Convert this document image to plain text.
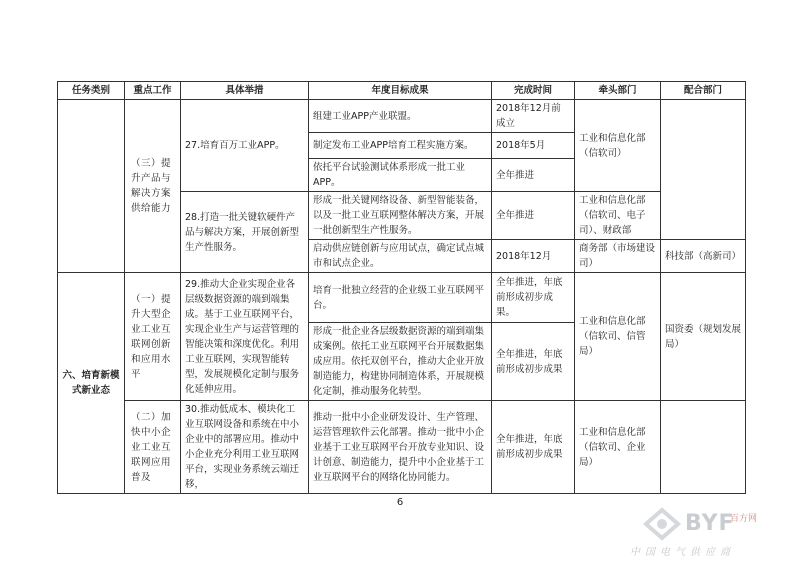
任务类别	重点工作	具体举措	年度目标成果	完成时间	牵头部门	配合部门
	（三）提升产品与解决方案供给能力	27.培育百万工业APP。	组建工业APP产业联盟。	2018年12月前成立	工业和信息化部（信软司）	
			制定发布工业APP培育工程实施方案。	2018年5月		
			依托平台试验测试体系形成一批工业APP。	全年推进		
		28.打造一批关键软硬件产品与解决方案，开展创新型生产性服务。	形成一批关键网络设备、新型智能装备，以及一批工业互联网整体解决方案，开展一批创新型生产性服务。	全年推进	工业和信息化部（信软司、电子司）、财政部	
			启动供应链创新与应用试点，确定试点城市和试点企业。	2018年12月	商务部（市场建设司）	科技部（高新司）

六、培育新模式新业态	（一）提升大型企业工业互联网创新和应用水平	29.推动大企业实现企业各层级数据资源的端到端集成。基于工业互联网平台，实现企业生产与运营管理的智能决策和深度优化。利用工业互联网，实现智能转型，发展规模化定制与服务化延伸应用。	培育一批独立经营的企业级工业互联网平台。	全年推进，年底前形成初步成果。	工业和信息化部（信软司、信管局）	国资委（规划发展局）
			形成一批企业各层级数据资源的端到端集成案例。依托工业互联网平台开展数据集成应用。依托双创平台，推动大企业开放制造能力，构建协同制造体系，开展规模化定制，推动服务化转型。	全年推进，年底前形成初步成果		
	（二）加快中小企业工业互联网应用普及	30.推动低成本、模块化工业互联网设备和系统在中小企业中的部署应用。推动中小企业充分利用工业互联网平台，实现业务系统云端迁移，	推动一批中小企业研发设计、生产管理、运营管理软件云化部署。推动一批中小企业基于工业互联网平台开放专业知识、设计创意、制造能力，提升中小企业基于工业互联网平台的网络化协同能力。	全年推进，年底前形成初步成果	工业和信息化部（信软司、企业局）	
6
BYF
百方网
中国电气供应商
